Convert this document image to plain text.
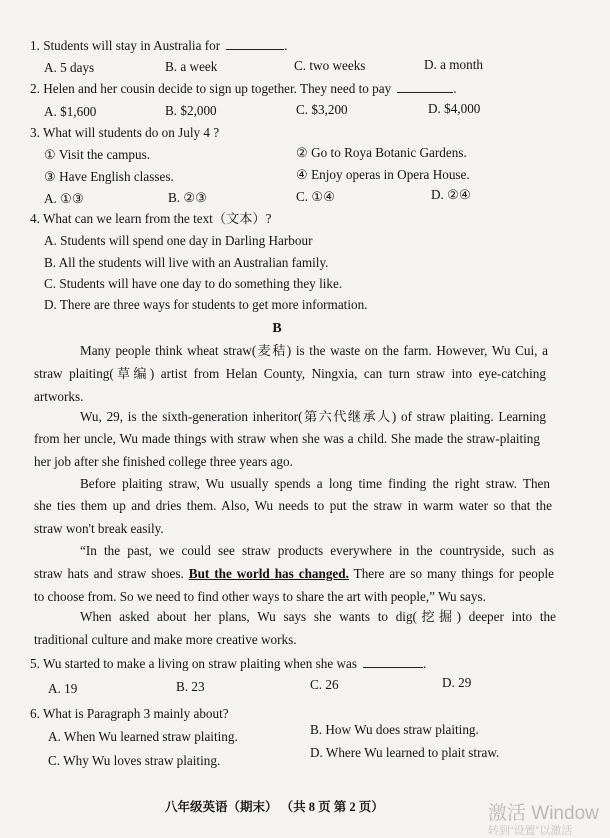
1. Students will stay in Australia for	.
A. 5 days	B. a week	C. two weeks	D. a month
2. Helen and her cousin decide to sign up together. They need to pay	.
A. $1,600	B. $2,000	C. $3,200	D. $4,000
3. What will students do on July 4 ?
① Visit the campus.	② Go to Roya Botanic Gardens.
③ Have English classes.	④ Enjoy operas in Opera House.
A. ①③	B. ②③	C. ①④	D. ②④
4. What can we learn from the text（文本）?
A. Students will spend one day in Darling Harbour
B. All the students will live with an Australian family.
C. Students will have one day to do something they like.
D. There are three ways for students to get more information.
B
Many people think wheat straw(麦秸) is the waste on the farm. However, Wu Cui, a
straw plaiting(草编) artist from Helan County, Ningxia, can turn straw into eye-catching
artworks.
Wu, 29, is the sixth-generation inheritor(第六代继承人) of straw plaiting. Learning
from her uncle, Wu made things with straw when she was a child. She made the straw-plaiting
her job after she finished college three years ago.
Before plaiting straw, Wu usually spends a long time finding the right straw. Then
she ties them up and dries them. Also, Wu needs to put the straw in warm water so that the
straw won't break easily.
“In the past, we could see straw products everywhere in the countryside, such as
straw hats and straw shoes. But the world has changed. There are so many things for people
to choose from. So we need to find other ways to share the art with people,” Wu says.
When asked about her plans, Wu says she wants to dig(挖掘) deeper into the
traditional culture and make more creative works.
5. Wu started to make a living on straw plaiting when she was	.
A. 19	B. 23	C. 26	D. 29
6. What is Paragraph 3 mainly about?
A. When Wu learned straw plaiting.	B. How Wu does straw plaiting.
C. Why Wu loves straw plaiting.
D. Where Wu learned to plait straw.
八年级英语（期末） （共 8 页 第 2 页）	激活 Window
转到“设置”以激活
